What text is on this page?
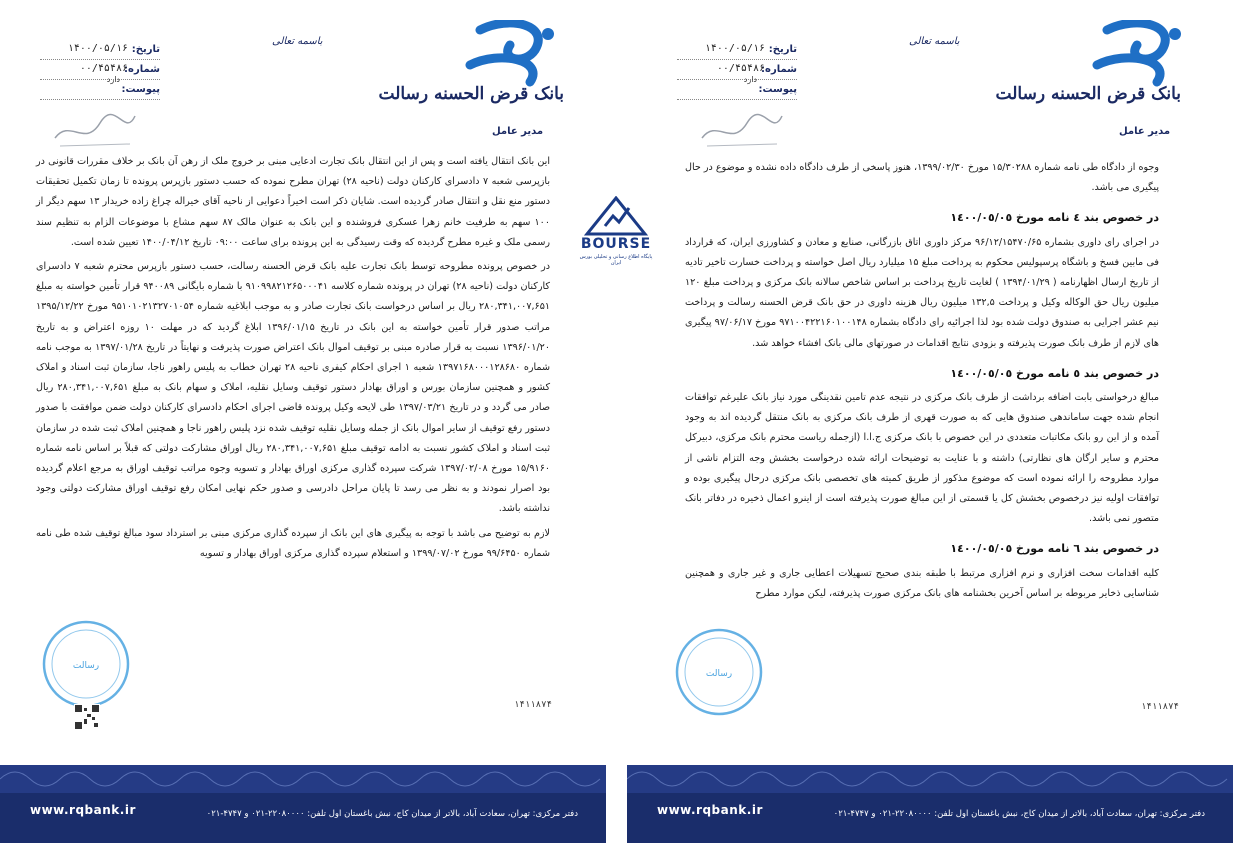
بانک قرض الحسنه رسالت
باسمه تعالی
تاریخ:
۱۴۰۰/۰۵/۱۶
شماره:
۰۰/۴۵۴۸۶
دارد
پیوست:
مدیر عامل

این بانک انتقال یافته است و پس از این انتقال بانک تجارت ادعایی مبنی بر خروج ملک از رهن آن بانک بر خلاف مقررات قانونی در بازپرسی شعبه ۷ دادسرای کارکنان دولت (ناحیه ۲۸) تهران مطرح نموده که حسب دستور بازپرس پرونده تا زمان تکمیل تحقیقات دستور منع نقل و انتقال صادر گردیده است. شایان ذکر است اخیراً دعوایی از ناحیه آقای خیراله چراغ زاده خریدار ۱۳ سهم دیگر از ۱۰۰ سهم به طرفیت خانم زهرا عسکری فروشنده و این بانک به عنوان مالک ۸۷ سهم مشاع با موضوعات الزام به تنظیم سند رسمی ملک و غیره مطرح گردیده که وقت رسیدگی به این پرونده برای ساعت ۰۹:۰۰ تاریخ ۱۴۰۰/۰۴/۱۲ تعیین شده است.

در خصوص پرونده مطروحه توسط بانک تجارت علیه بانک قرض الحسنه رسالت، حسب دستور بازپرس محترم شعبه ۷ دادسرای کارکنان دولت (ناحیه ۲۸) تهران در پرونده شماره کلاسه ۹۱۰۹۹۸۲۱۲۶۵۰۰۰۴۱ با شماره بایگانی ۹۴۰۰۸۹ قرار تأمین خواسته به مبلغ ۲۸۰,۳۴۱,۰۰۷,۶۵۱ ریال بر اساس درخواست بانک تجارت صادر و به موجب ابلاغیه شماره ۹۵۱۰۱۰۲۱۳۲۷۰۱۰۵۴ مورخ ۱۳۹۵/۱۲/۲۲ مراتب صدور قرار تأمین خواسته به این بانک در تاریخ ۱۳۹۶/۰۱/۱۵ ابلاغ گردید که در مهلت ۱۰ روزه اعتراض و به تاریخ ۱۳۹۶/۰۱/۲۰ نسبت به قرار صادره مبنی بر توقیف اموال بانک اعتراض صورت پذیرفت و نهایتاً در تاریخ ۱۳۹۷/۰۱/۲۸ به موجب نامه شماره ۱۳۹۷۱۶۸۰۰۰۱۲۸۶۸۰ شعبه ۱ اجرای احکام کیفری ناحیه ۲۸ تهران خطاب به پلیس راهور ناجا، سازمان ثبت اسناد و املاک کشور و همچنین سازمان بورس و اوراق بهادار دستور توقیف وسایل نقلیه، املاک و سهام بانک به مبلغ ۲۸۰,۳۴۱,۰۰۷,۶۵۱ ریال صادر می گردد و در تاریخ ۱۳۹۷/۰۳/۲۱ طی لایحه وکیل پرونده قاضی اجرای احکام دادسرای کارکنان دولت ضمن موافقت با صدور دستور رفع توقیف از سایر اموال بانک از جمله وسایل نقلیه توقیف شده نزد پلیس راهور ناجا و همچنین املاک ثبت شده در سازمان ثبت اسناد و املاک کشور نسبت به ادامه توقیف مبلغ ۲۸۰,۳۴۱,۰۰۷,۶۵۱ ریال اوراق مشارکت دولتی که قبلاً بر اساس نامه شماره ۱۵/۹۱۶۰ مورخ ۱۳۹۷/۰۲/۰۸ شرکت سپرده گذاری مرکزی اوراق بهادار و تسویه وجوه مراتب توقیف اوراق به مرجع اعلام گردیده بود اصرار نمودند و به نظر می رسد تا پایان مراحل دادرسی و صدور حکم نهایی امکان رفع توقیف اوراق مشارکت دولتی وجود نداشته باشد.

لازم به توضیح می باشد با توجه به پیگیری های این بانک از سپرده گذاری مرکزی مبنی بر استرداد سود مبالغ توقیف شده طی نامه شماره ۹۹/۶۴۵۰ مورخ ۱۳۹۹/۰۷/۰۲ و استعلام سپرده گذاری مرکزی اوراق بهادار و تسویه

رسالت
۱۴۱۱۸۷۴
www.rqbank.ir	دفتر مرکزی: تهران، سعادت آباد، بالاتر از میدان کاج، نبش باغستان اول تلفن: ۲۲۰۸۰۰۰۰-۰۲۱ و ۴۷۴۷-۰۲۱
بانک قرض الحسنه رسالت
باسمه تعالی
تاریخ:
۱۴۰۰/۰۵/۱۶
شماره:
۰۰/۴۵۴۸۶
دارد
پیوست:
مدیر عامل

وجوه از دادگاه طی نامه شماره ۱۵/۳۰۲۸۸ مورخ ۱۳۹۹/۰۲/۳۰، هنوز پاسخی از طرف دادگاه داده نشده و موضوع در حال پیگیری می باشد.

در خصوص بند ٤ نامه مورخ ١٤٠٠/٠٥/٠٥

در اجرای رای داوری بشماره ۹۶/۱۲/۱۵۴۷۰/۶۵ مرکز داوری اتاق بازرگانی، صنایع و معادن و کشاورزی ایران، که قرارداد فی مابین فسخ و باشگاه پرسپولیس محکوم به پرداخت مبلغ ۱۵ میلیارد ریال اصل خواسته و پرداخت خسارت تاخیر تادیه از تاریخ ارسال اظهارنامه ( ۱۳۹۴/۰۱/۲۹ ) لغایت تاریخ پرداخت بر اساس شاخص سالانه بانک مرکزی و پرداخت مبلغ ۱۲۰ میلیون ریال حق الوکاله وکیل و پرداخت ۱۳۲,۵ میلیون ریال هزینه داوری در حق بانک قرض الحسنه رسالت و پرداخت نیم عشر اجرایی به صندوق دولت شده بود لذا اجرائیه رای دادگاه بشماره ۹۷۱۰۰۴۲۲۱۶۰۱۰۰۱۴۸ مورخ ۹۷/۰۶/۱۷ پیگیری های لازم از طرف بانک صورت پذیرفته و بزودی نتایج اقدامات در صورتهای مالی بانک افشاء خواهد شد.

در خصوص بند ٥ نامه مورخ ١٤٠٠/٠٥/٠٥

مبالغ درخواستی بابت اضافه برداشت از طرف بانک مرکزی در نتیجه عدم تامین نقدینگی مورد نیاز بانک علیرغم توافقات انجام شده جهت ساماندهی صندوق هایی که به صورت قهری از طرف بانک مرکزی به بانک منتقل گردیده اند به وجود آمده و از این رو بانک مکاتبات متعددی در این خصوص با بانک مرکزی ج.ا.ا (ازجمله ریاست محترم بانک مرکزی، دبیرکل محترم و سایر ارگان های نظارتی) داشته و با عنایت به توضیحات ارائه شده درخواست بخشش وجه التزام ناشی از موارد مطروحه را ارائه نموده است که موضوع مذکور از طریق کمیته های تخصصی بانک مرکزی درحال پیگیری بوده و توافقات اولیه نیز درخصوص بخشش کل یا قسمتی از این مبالغ صورت پذیرفته است از اینرو اعمال ذخیره در دفاتر بانک متصور نمی باشد.

در خصوص بند ٦ نامه مورخ ١٤٠٠/٠٥/٠٥

کلیه اقدامات سخت افزاری و نرم افزاری مرتبط با طبقه بندی صحیح تسهیلات اعطایی جاری و غیر جاری و همچنین شناسایی ذخایر مربوطه بر اساس آخرین بخشنامه های بانک مرکزی صورت پذیرفته، لیکن موارد مطرح

رسالت
۱۴۱۱۸۷۴
www.rqbank.ir	دفتر مرکزی: تهران، سعادت آباد، بالاتر از میدان کاج، نبش باغستان اول تلفن: ۲۲۰۸۰۰۰۰-۰۲۱ و ۴۷۴۷-۰۲۱
BOURSE
پایگاه اطلاع رسانی و تحلیلی بورس ایران
